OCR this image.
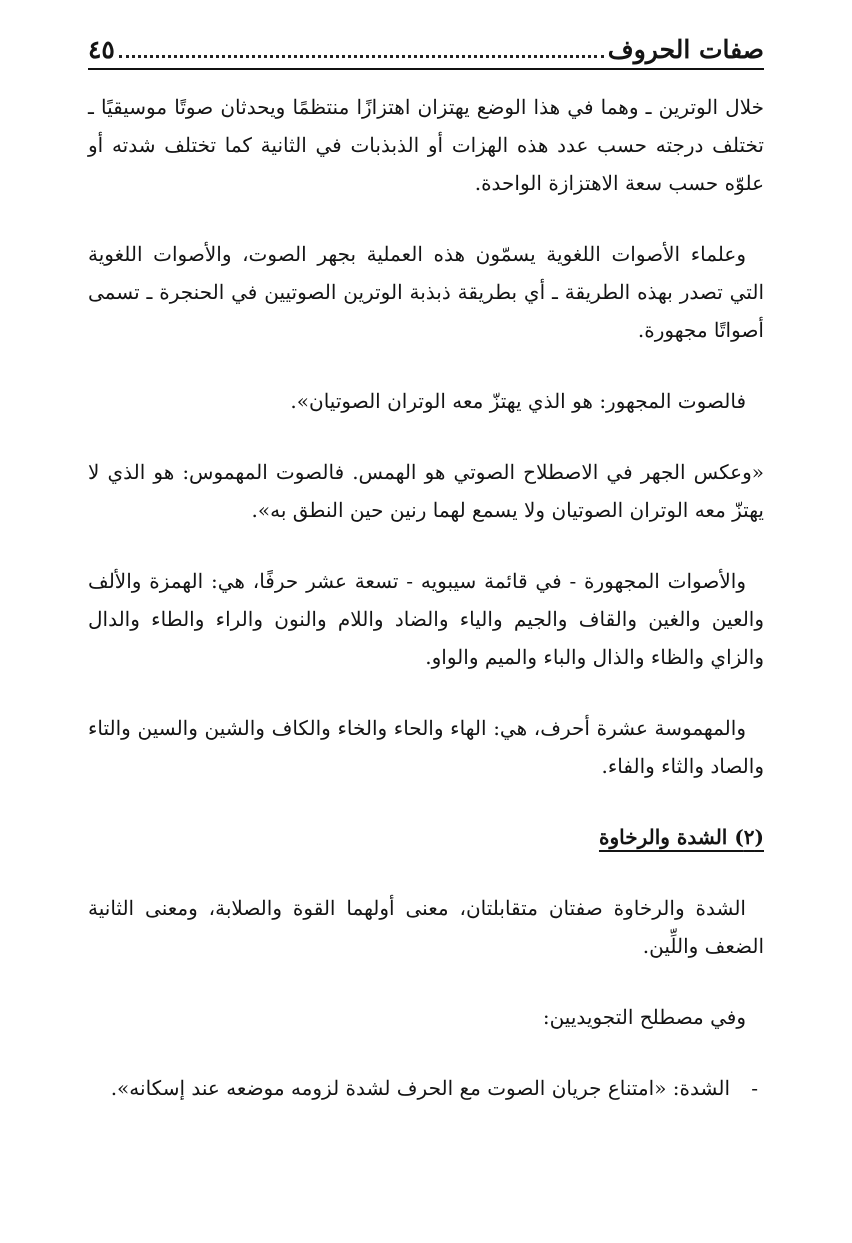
صفات الحروف
٤٥

خلال الوترين ـ وهما في هذا الوضع يهتزان اهتزازًا منتظمًا ويحدثان صوتًا موسيقيًا ـ تختلف درجته حسب عدد هذه الهزات أو الذبذبات في الثانية كما تختلف شدته أو علوّه حسب سعة الاهتزازة الواحدة.

وعلماء الأصوات اللغوية يسمّون هذه العملية بجهر الصوت، والأصوات اللغوية التي تصدر بهذه الطريقة ـ أي بطريقة ذبذبة الوترين الصوتيين في الحنجرة ـ تسمى أصواتًا مجهورة.

فالصوت المجهور: هو الذي يهتزّ معه الوتران الصوتيان».

«وعكس الجهر في الاصطلاح الصوتي هو الهمس. فالصوت المهموس: هو الذي لا يهتزّ معه الوتران الصوتيان ولا يسمع لهما رنين حين النطق به».

والأصوات المجهورة - في قائمة سيبويه - تسعة عشر حرفًا، هي: الهمزة والألف والعين والغين والقاف والجيم والياء والضاد واللام والنون والراء والطاء والدال والزاي والظاء والذال والباء والميم والواو.

والمهموسة عشرة أحرف، هي: الهاء والحاء والخاء والكاف والشين والسين والتاء والصاد والثاء والفاء.

(٢) الشدة والرخاوة

الشدة والرخاوة صفتان متقابلتان، معنى أولهما القوة والصلابة، ومعنى الثانية الضعف واللِّين.

وفي مصطلح التجويديين:

-
الشدة: «امتناع جريان الصوت مع الحرف لشدة لزومه موضعه عند إسكانه».
